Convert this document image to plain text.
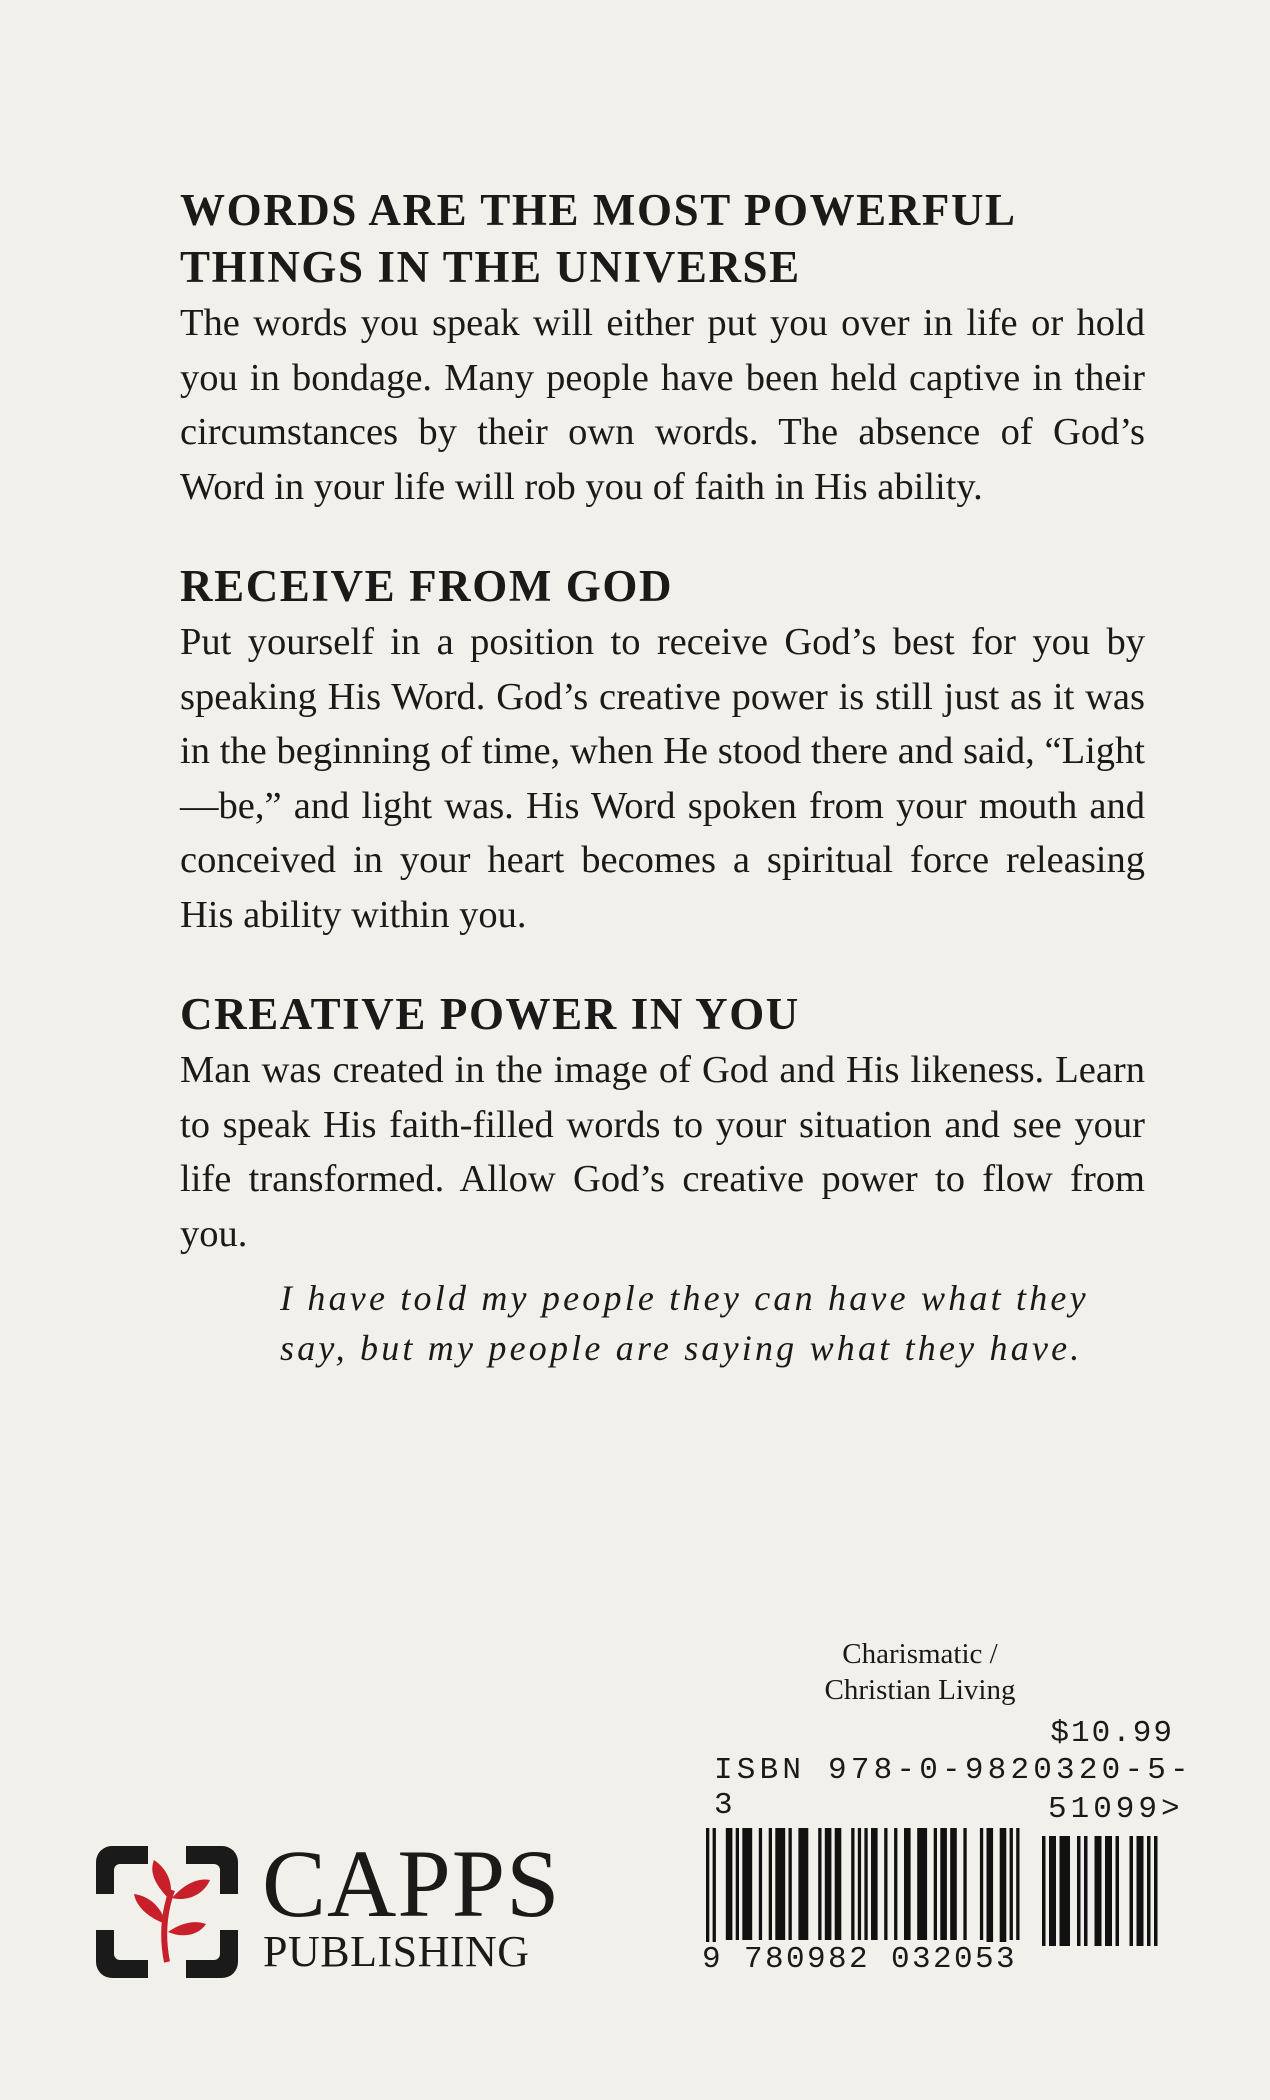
WORDS ARE THE MOST POWERFUL
THINGS IN THE UNIVERSE

The words you speak will either put you over in life or hold you in bondage. Many people have been held captive in their circumstances by their own words. The absence of God’s Word in your life will rob you of faith in His ability.

RECEIVE FROM GOD

Put yourself in a position to receive God’s best for you by speaking His Word. God’s creative power is still just as it was in the beginning of time, when He stood there and said, “Light—be,” and light was. His Word spoken from your mouth and conceived in your heart becomes a spiritual force releasing His ability within you.

CREATIVE POWER IN YOU

Man was created in the image of God and His likeness. Learn to speak His faith-filled words to your situation and see your life transformed. Allow God’s creative power to flow from you.

I have told my people they can have what they say, but my people are saying what they have.
Charismatic /
Christian Living
$10.99
ISBN 978-0-9820320-5-3	51099>
9 780982 032053
CAPPS
PUBLISHING
